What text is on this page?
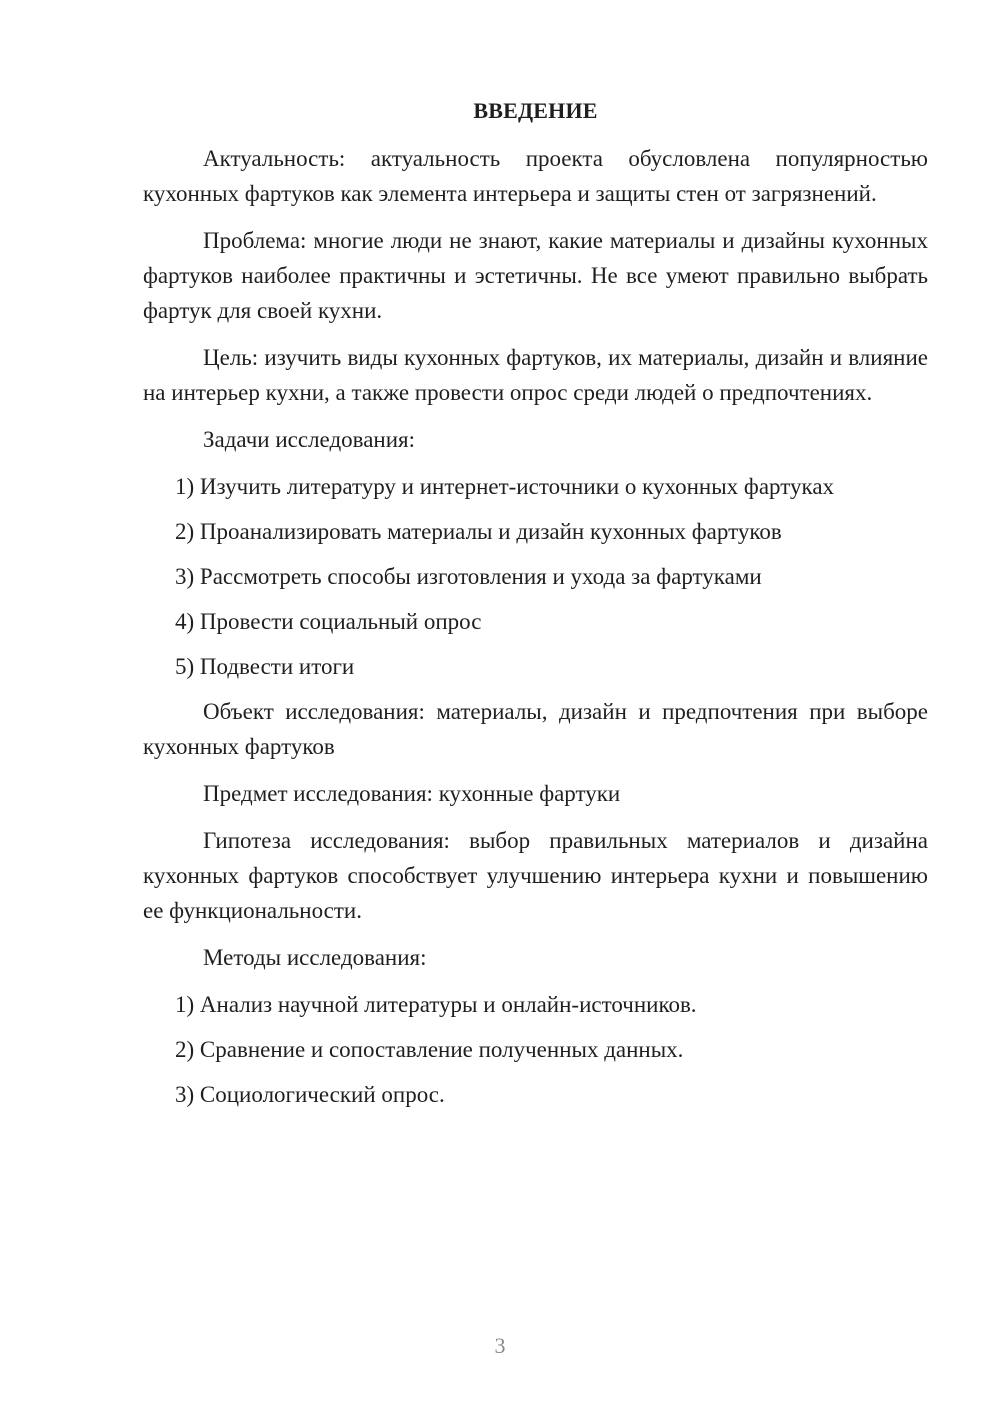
ВВЕДЕНИЕ

Актуальность: актуальность проекта обусловлена популярностью кухонных фартуков как элемента интерьера и защиты стен от загрязнений.

Проблема: многие люди не знают, какие материалы и дизайны кухонных фартуков наиболее практичны и эстетичны. Не все умеют правильно выбрать фартук для своей кухни.

Цель: изучить виды кухонных фартуков, их материалы, дизайн и влияние на интерьер кухни, а также провести опрос среди людей о предпочтениях.

Задачи исследования:
1) Изучить литературу и интернет-источники о кухонных фартуках
2) Проанализировать материалы и дизайн кухонных фартуков
3) Рассмотреть способы изготовления и ухода за фартуками
4) Провести социальный опрос
5) Подвести итоги

Объект исследования: материалы, дизайн и предпочтения при выборе кухонных фартуков

Предмет исследования: кухонные фартуки

Гипотеза исследования: выбор правильных материалов и дизайна кухонных фартуков способствует улучшению интерьера кухни и повышению ее функциональности.

Методы исследования:
1) Анализ научной литературы и онлайн-источников.
2) Сравнение и сопоставление полученных данных.
3) Социологический опрос.
3
